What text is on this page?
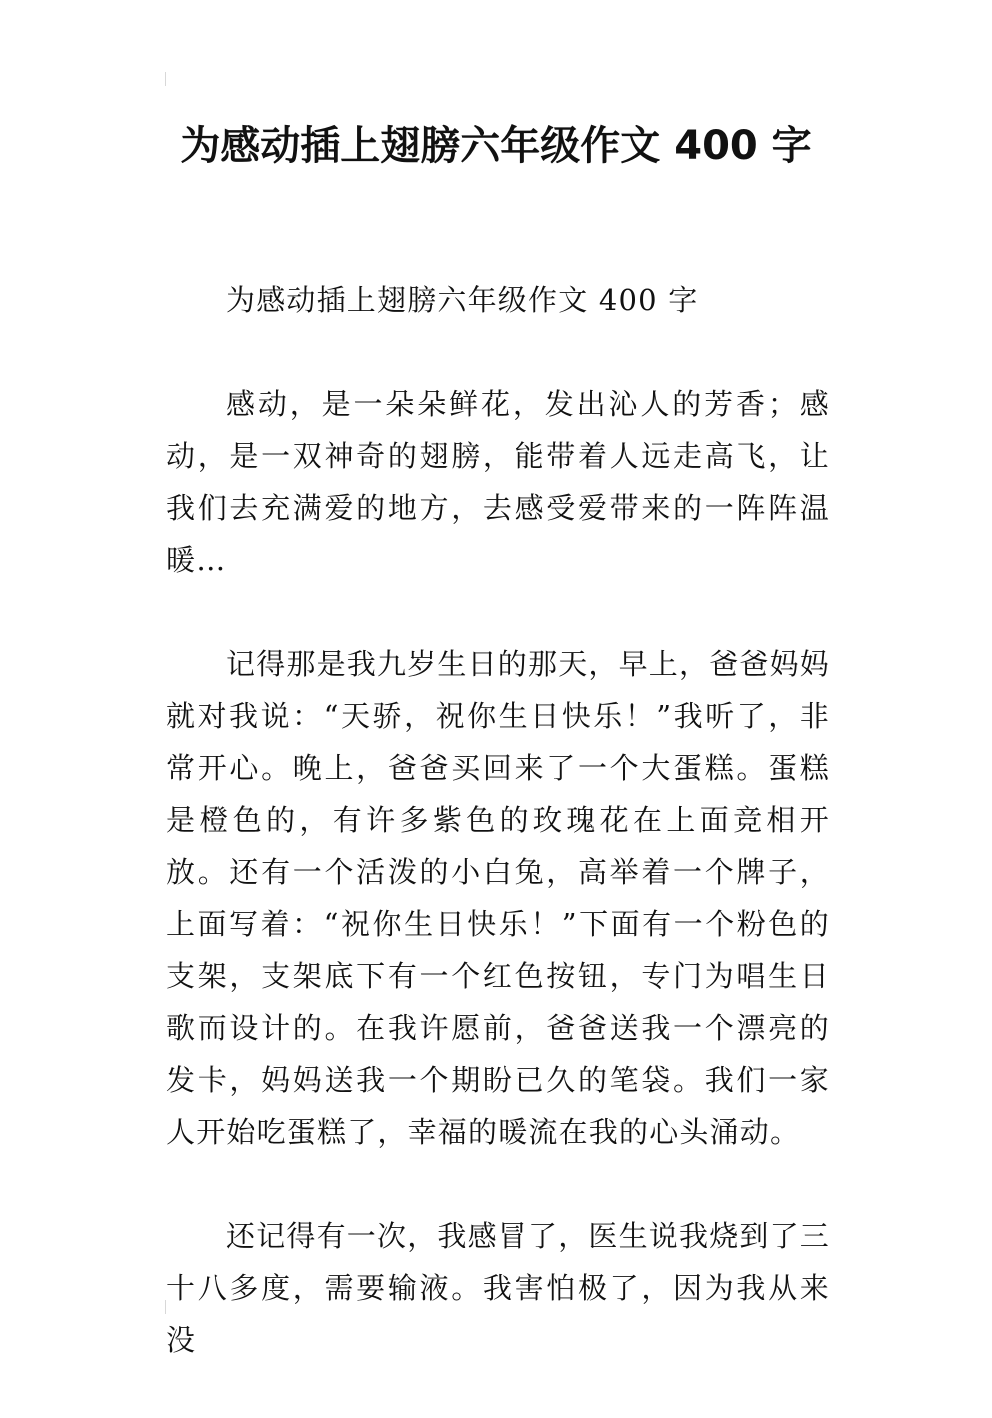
为感动插上翅膀六年级作文 400 字

为感动插上翅膀六年级作文 400 字

感动，是一朵朵鲜花，发出沁人的芳香；感动，是一双神奇的翅膀，能带着人远走高飞，让我们去充满爱的地方，去感受爱带来的一阵阵温暖…

记得那是我九岁生日的那天，早上，爸爸妈妈就对我说：“天骄，祝你生日快乐！”我听了，非常开心。晚上，爸爸买回来了一个大蛋糕。蛋糕是橙色的，有许多紫色的玫瑰花在上面竞相开放。还有一个活泼的小白兔，高举着一个牌子，上面写着：“祝你生日快乐！”下面有一个粉色的支架，支架底下有一个红色按钮，专门为唱生日歌而设计的。在我许愿前，爸爸送我一个漂亮的发卡，妈妈送我一个期盼已久的笔袋。我们一家人开始吃蛋糕了，幸福的暖流在我的心头涌动。

还记得有一次，我感冒了，医生说我烧到了三十八多度，需要输液。我害怕极了，因为我从来没
